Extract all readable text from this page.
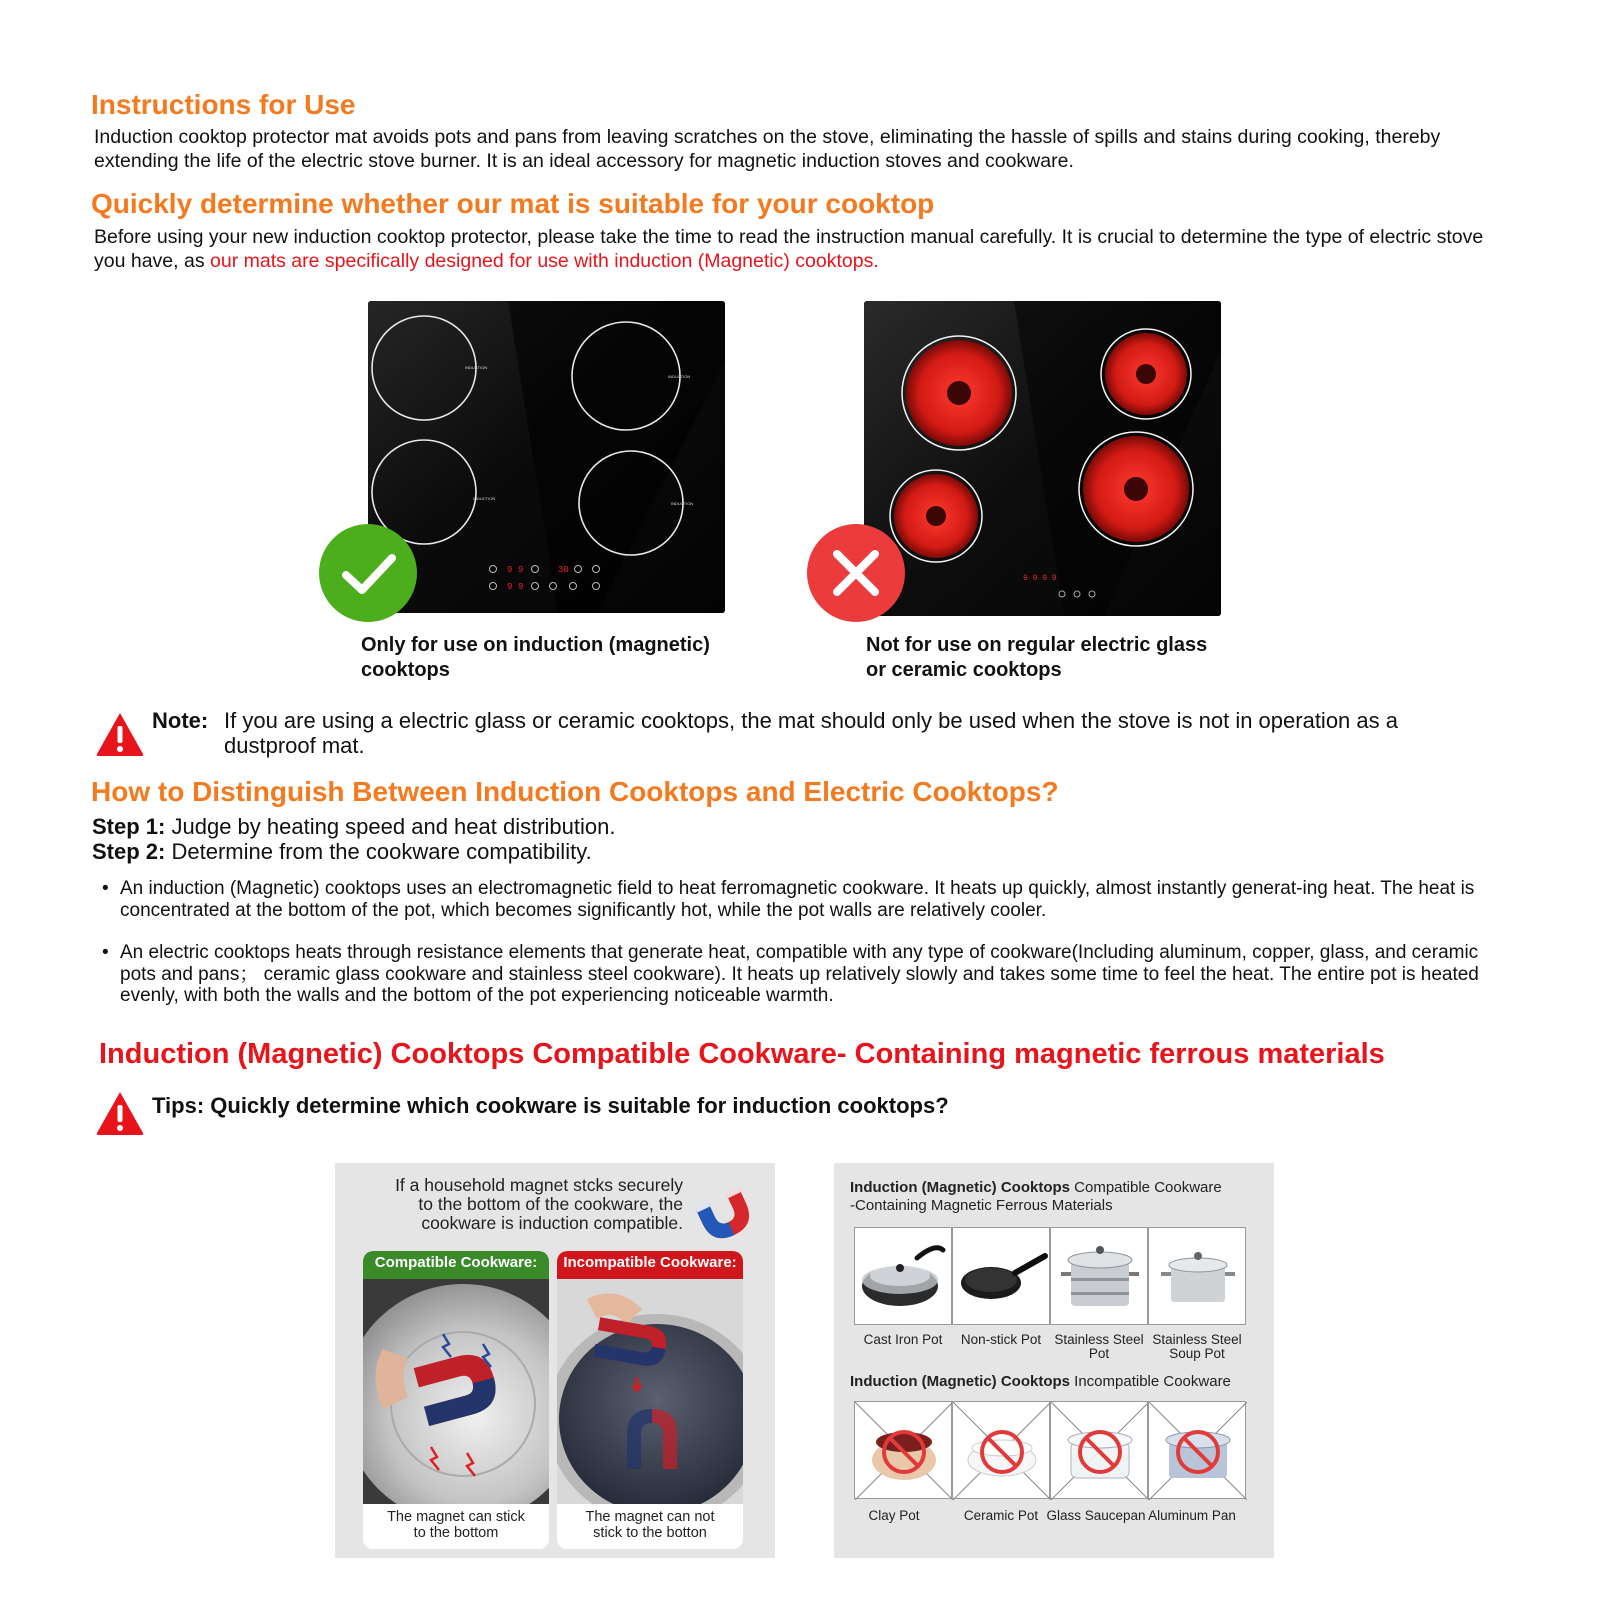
Instructions for Use
Induction cooktop protector mat avoids pots and pans from leaving scratches on the stove, eliminating the hassle of spills and stains during cooking, thereby extending the life of the electric stove burner. It is an ideal accessory for magnetic induction stoves and cookware.
Quickly determine whether our mat is suitable for your cooktop
Before using your new induction cooktop protector, please take the time to read the instruction manual carefully. It is crucial to determine the type of electric stove you have, as our mats are specifically designed for use with induction (Magnetic) cooktops.
INDUCTION
INDUCTION
INDUCTION
INDUCTION
9 9	30
9 9
9 9 9 9
Only for use on induction (magnetic)
cooktops
Not for use on regular electric glass
or ceramic cooktops
Note: If you are using a electric glass or ceramic cooktops, the mat should only be used when the stove is not in operation as a dustproof mat.
How to Distinguish Between Induction Cooktops and Electric Cooktops?
Step 1: Judge by heating speed and heat distribution.
Step 2: Determine from the cookware compatibility.
• An induction (Magnetic) cooktops uses an electromagnetic field to heat ferromagnetic cookware. It heats up quickly, almost instantly generat-ing heat. The heat is concentrated at the bottom of the pot, which becomes significantly hot, while the pot walls are relatively cooler.
• An electric cooktops heats through resistance elements that generate heat, compatible with any type of cookware(Including aluminum, copper, glass, and ceramic pots and pans； ceramic glass cookware and stainless steel cookware). It heats up relatively slowly and takes some time to feel the heat. The entire pot is heated evenly, with both the walls and the bottom of the pot experiencing noticeable warmth.
Induction (Magnetic) Cooktops Compatible Cookware- Containing magnetic ferrous materials
Tips: Quickly determine which cookware is suitable for induction cooktops?
If a household magnet stcks securely
to the bottom of the cookware, the
cookware is induction compatible.
Compatible Cookware:
The magnet can stick
to the bottom
Incompatible Cookware:
The magnet can not
stick to the botton
Induction (Magnetic) Cooktops Compatible Cookware
-Containing Magnetic Ferrous Materials
Cast Iron Pot	Non-stick Pot Stainless Steel
Pot
Stainless Steel
Soup Pot
Induction (Magnetic) Cooktops Incompatible Cookware
Clay Pot	Ceramic Pot Glass Saucepan Aluminum Pan
